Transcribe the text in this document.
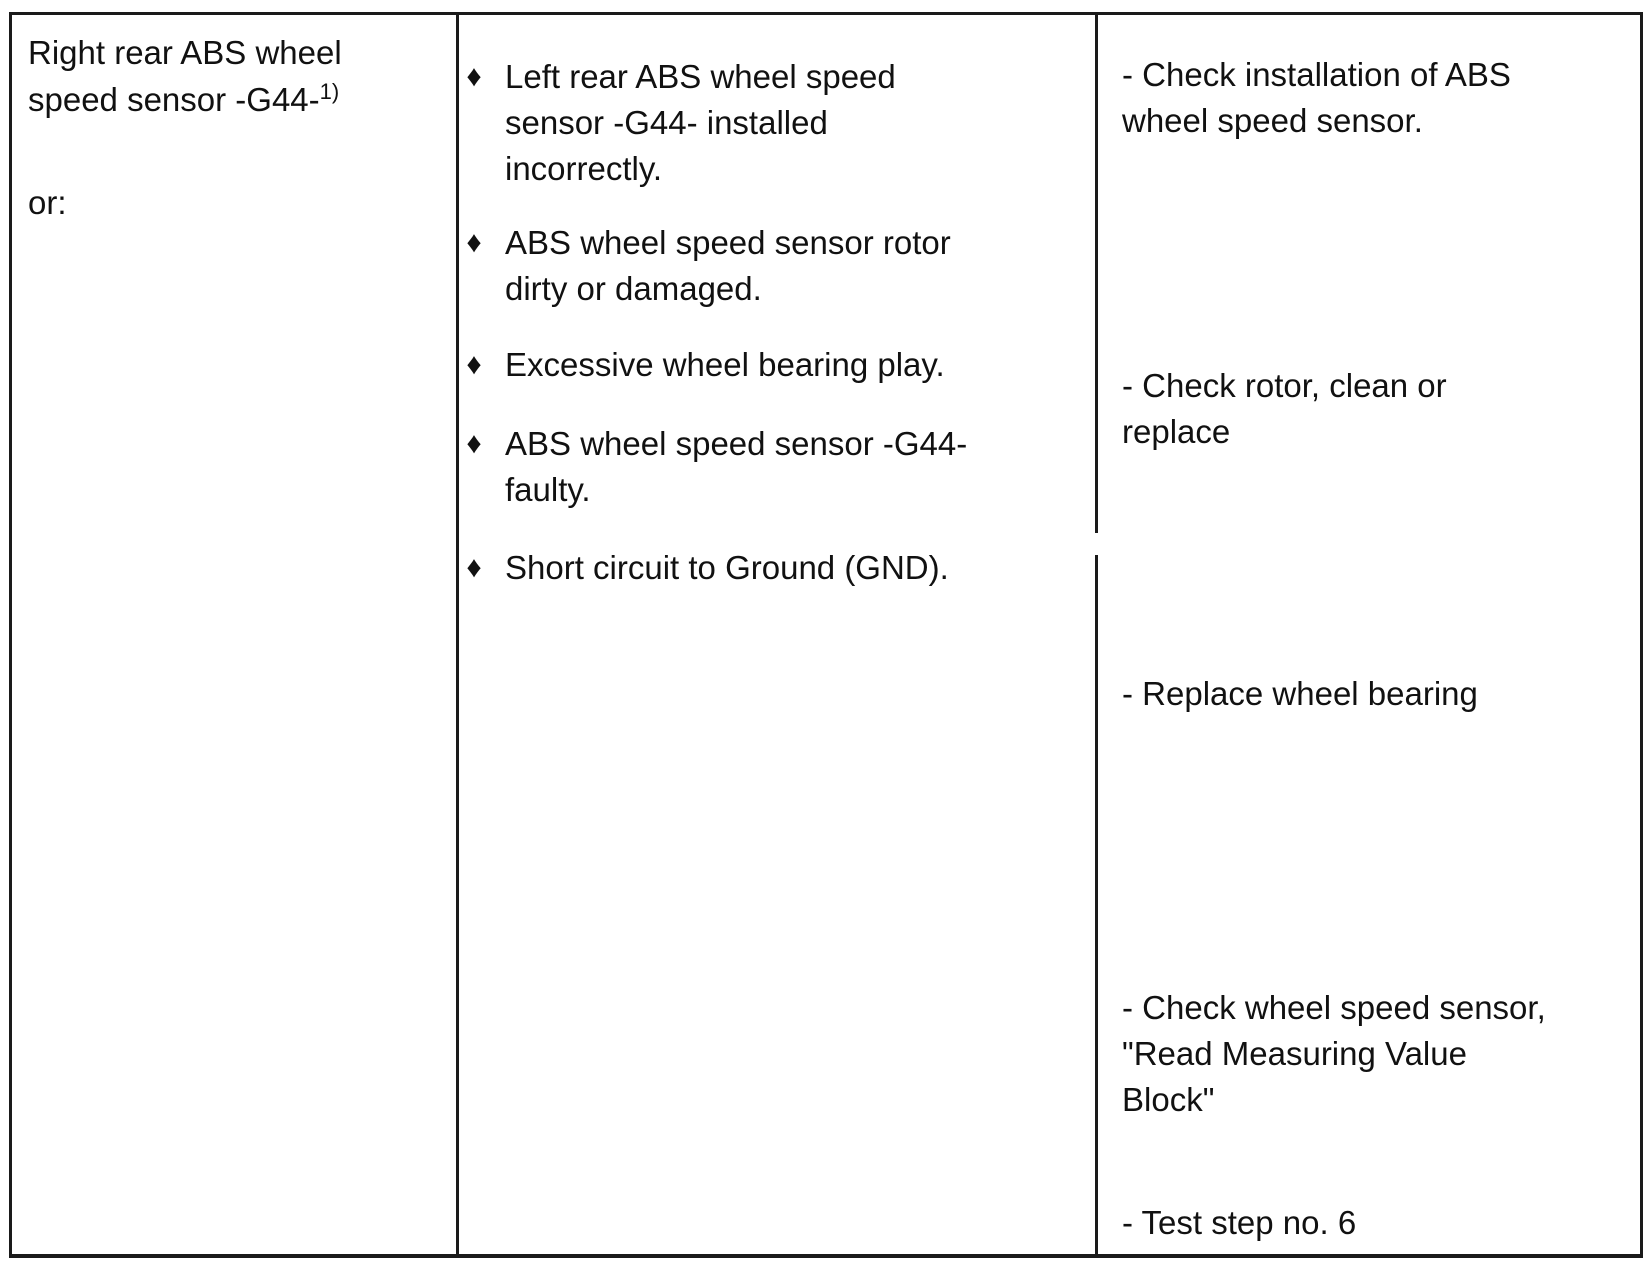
Right rear ABS wheel
speed sensor -G44-$^{1)}$
or:
♦ Left rear ABS wheel speed
sensor -G44- installed
incorrectly.
♦ ABS wheel speed sensor rotor
dirty or damaged.
♦ Excessive wheel bearing play.
♦ ABS wheel speed sensor -G44-
faulty.
♦ Short circuit to Ground (GND).
- Check installation of ABS
wheel speed sensor.
- Check rotor, clean or
replace
- Replace wheel bearing
- Check wheel speed sensor,
"Read Measuring Value
Block"
- Test step no. 6
